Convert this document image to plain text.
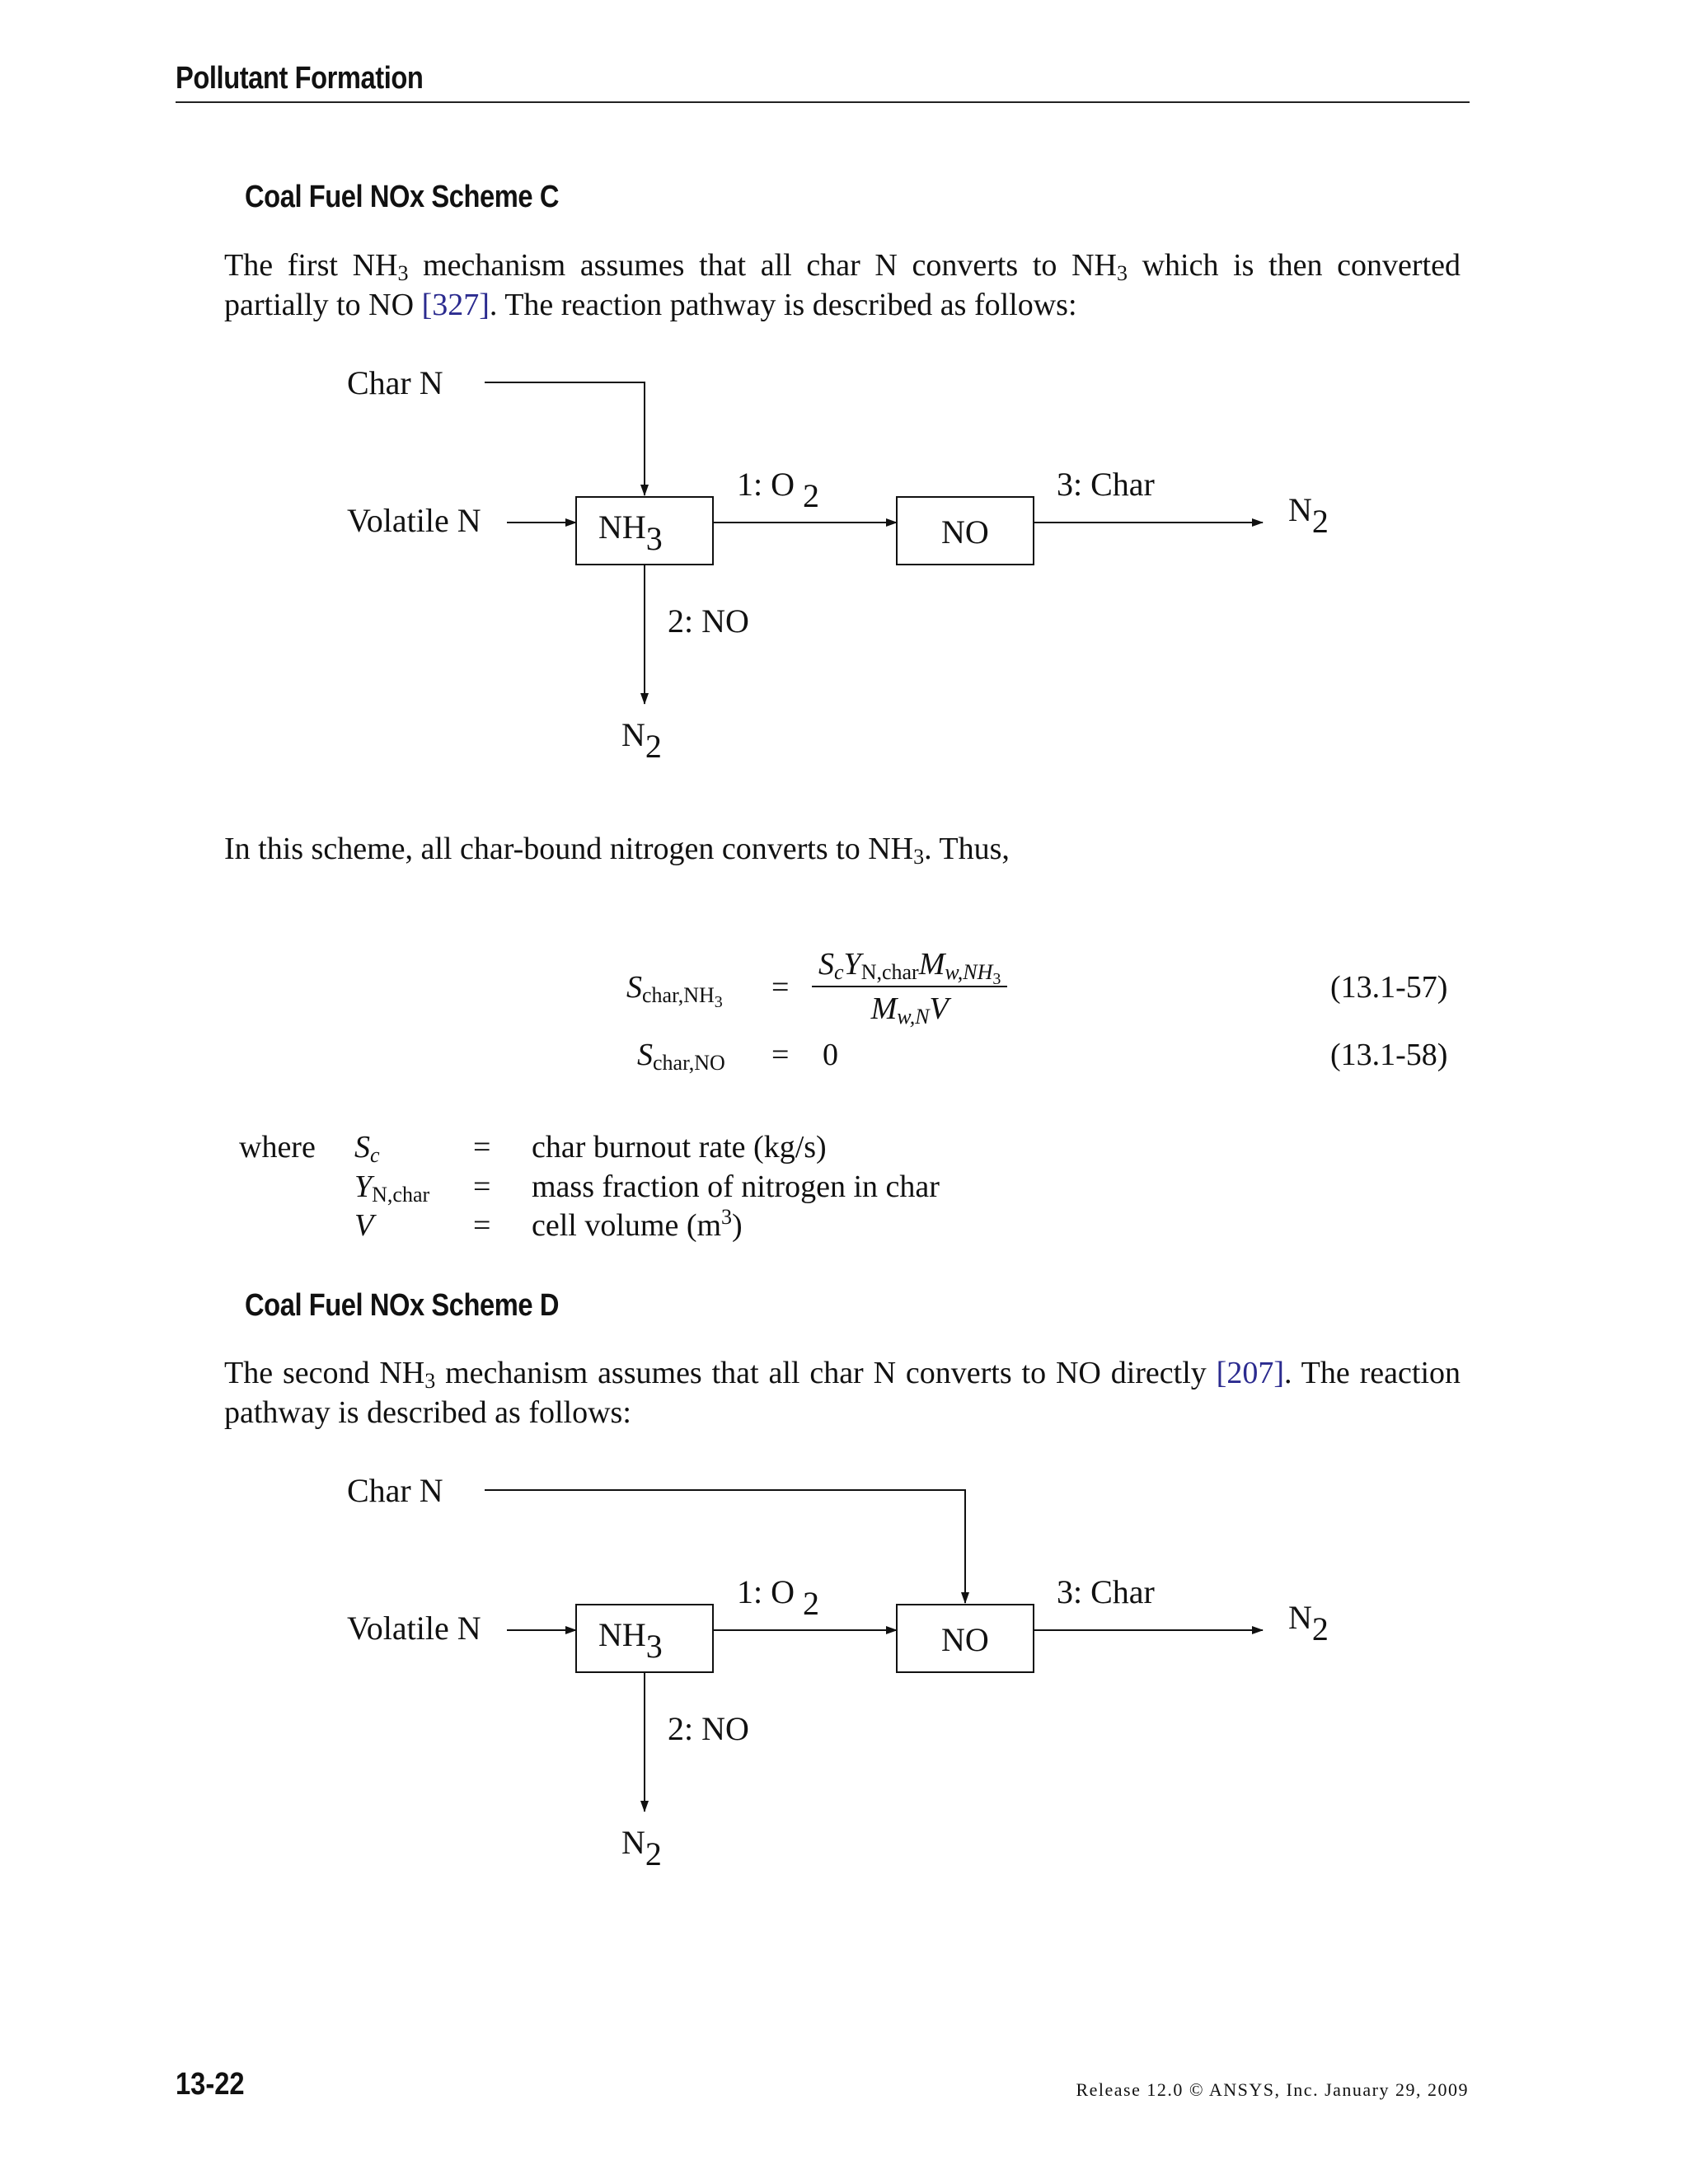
Pollutant Formation
Coal Fuel NOx Scheme C
The first $NH_3$ mechanism assumes that all char N converts to $NH_3$ which is then converted partially to NO [327]. The reaction pathway is described as follows:
Char N
Volatile N	NH3	NO
1: O 2	3: Char
2: NO
N2
N2
In this scheme, all char-bound nitrogen converts to $NH_3$. Thus,
$S_{char,NH3} = \frac{S_cY_{N,char}M_{w,NH3}}{M_{w,N}V}$	(13.1-57)
$S_{char,NO} = 0$	(13.1-58)
where $S_c$	= char burnout rate (kg/s)
$Y_{N,char}$ = mass fraction of nitrogen in char
V	= cell volume $(m^3)$
Coal Fuel NOx Scheme D
The second $NH_3$ mechanism assumes that all char N converts to NO directly [207]. The reaction pathway is described as follows:
Char N
Volatile N	NH3	NO
1: O 2	3: Char
2: NO
N2
N2
13-22	Release 12.0 © ANSYS, Inc. January 29, 2009
